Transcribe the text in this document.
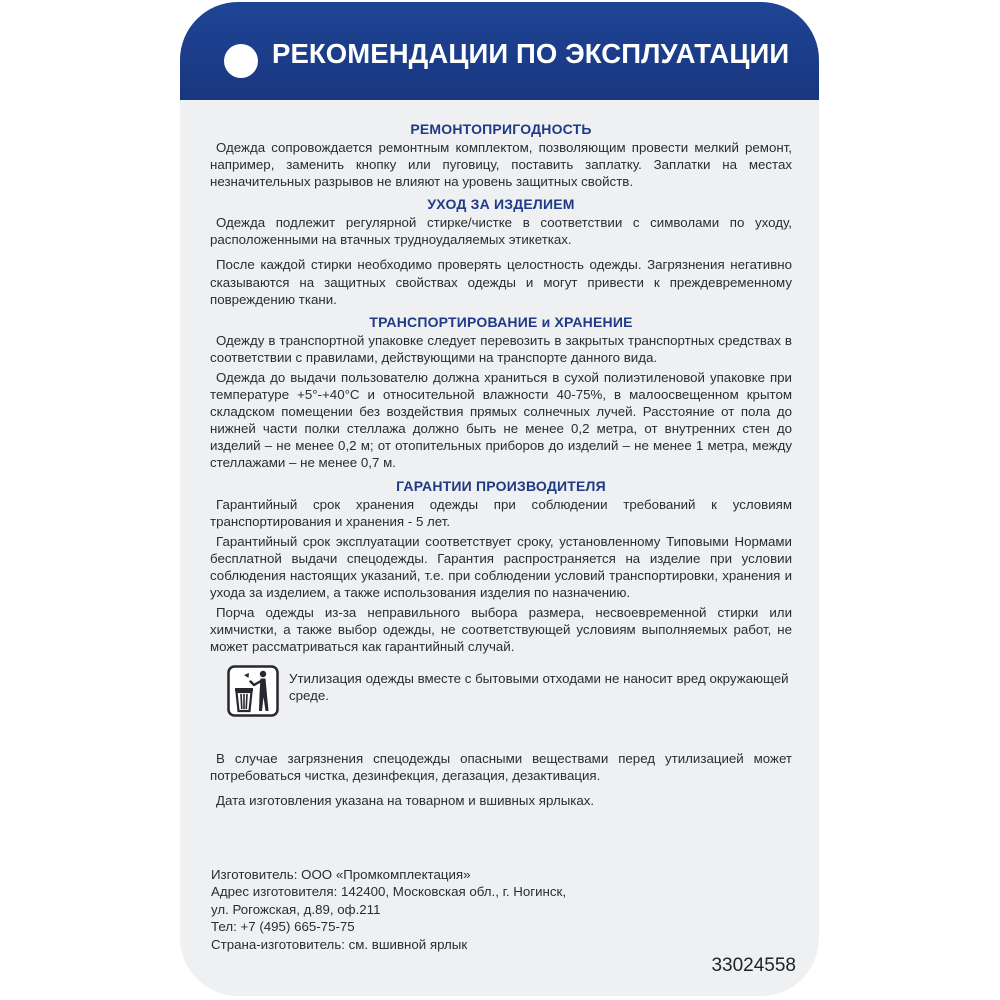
РЕКОМЕНДАЦИИ ПО ЭКСПЛУАТАЦИИ
РЕМОНТОПРИГОДНОСТЬ

Одежда сопровождается ремонтным комплектом, позволяющим провести мелкий ремонт, например, заменить кнопку или пуговицу, поставить заплатку. Заплатки на местах незначительных разрывов не влияют на уровень защитных свойств.

УХОД ЗА ИЗДЕЛИЕМ

Одежда подлежит регулярной стирке/чистке в соответствии с символами по уходу, расположенными на втачных трудноудаляемых этикетках.

После каждой стирки необходимо проверять целостность одежды. Загрязнения негативно сказываются на защитных свойствах одежды и могут привести к преждевременному повреждению ткани.

ТРАНСПОРТИРОВАНИЕ и ХРАНЕНИЕ

Одежду в транспортной упаковке следует перевозить в закрытых транспортных средствах в соответствии с правилами, действующими на транспорте данного вида.

Одежда до выдачи пользователю должна храниться в сухой полиэтиленовой упаковке при температуре +5°-+40°С и относительной влажности 40-75%, в малоосвещенном крытом складском помещении без воздействия прямых солнечных лучей. Расстояние от пола до нижней части полки стеллажа должно быть не менее 0,2 метра, от внутренних стен до изделий – не менее 0,2 м; от отопительных приборов до изделий – не менее 1 метра, между стеллажами – не менее 0,7 м.

ГАРАНТИИ ПРОИЗВОДИТЕЛЯ

Гарантийный срок хранения одежды при соблюдении требований к условиям транспортирования и хранения - 5 лет.

Гарантийный срок эксплуатации соответствует сроку, установленному Типовыми Нормами бесплатной выдачи спецодежды. Гарантия распространяется на изделие при условии соблюдения настоящих указаний, т.е. при соблюдении условий транспортировки, хранения и ухода за изделием, а также использования изделия по назначению.

Порча одежды из-за неправильного выбора размера, несвоевременной стирки или химчистки, а также выбор одежды, не соответствующей условиям выполняемых работ, не может рассматриваться как гарантийный случай.

Утилизация одежды вместе с бытовыми отходами не наносит вред окружающей среде.

В случае загрязнения спецодежды опасными веществами перед утилизацией может потребоваться чистка, дезинфекция, дегазация, дезактивация.

Дата изготовления указана на товарном и вшивных ярлыках.

Изготовитель: ООО «Промкомплектация»
Адрес изготовителя: 142400, Московская обл., г. Ногинск,
ул. Рогожская, д.89, оф.211
Тел: +7 (495) 665-75-75
Страна-изготовитель: см. вшивной ярлык
33024558
